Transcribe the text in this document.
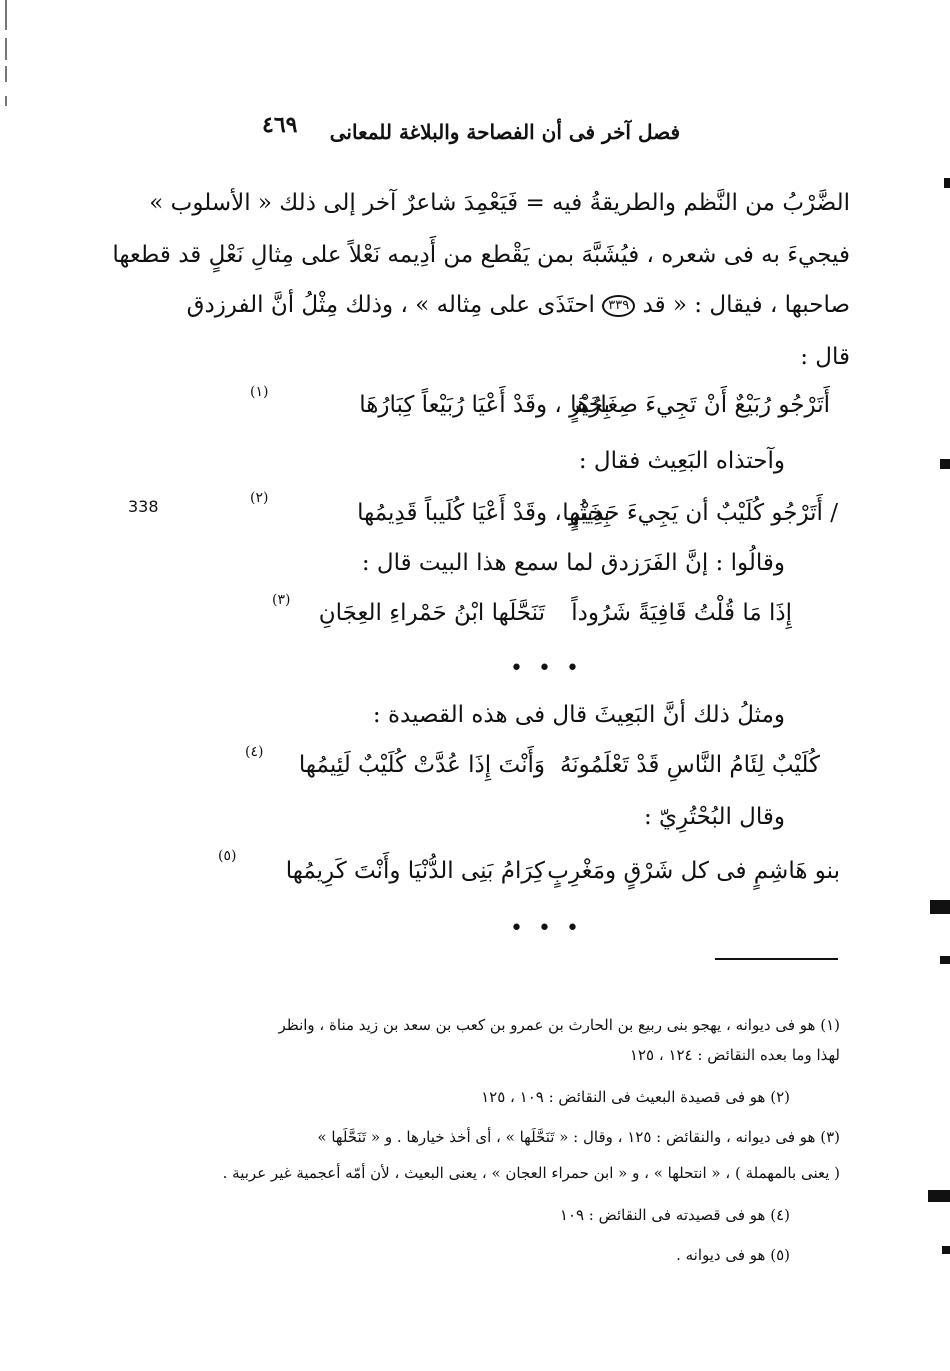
فصل آخر فى أن الفصاحة والبلاغة للمعانى
٤٦٩
338
الضَّرْبُ من النَّظم والطريقةُ فيه = فَيَعْمِدَ شاعرٌ آخر إلى ذلك « الأسلوب »
فيجيءَ به فى شعره ، فيُشَبَّهَ بمن يَقْطع من أَدِيمه نَعْلاً على مِثالِ نَعْلٍ قد قطعها
صاحبها ، فيقال : « قد ٣٣٩ احتَذَى على مِثاله » ، وذلك مِثْلُ أنَّ الفرزدق
قال :
أَتَرْجُو رُبَيْعٌ أَنْ تَجِيءَ صِغَارُهَا
بِخَيْرٍ ، وقَدْ أَعْيَا رُبَيْعاً كِبَارُهَا
(١)
وآحتذاه البَعِيث فقال :
/ أَتَرْجُو كُلَيْبٌ أن يَجِيءَ حَدِيثُها
بِخَيْرٍ ، وقَدْ أَعْيَا كُلَيباً قَدِيمُها
(٢)
وقالُوا : إنَّ الفَرَزدق لما سمع هذا البيت قال :
إِذَا مَا قُلْتُ قَافِيَةً شَرُوداً
تَنَحَّلَها ابْنُ حَمْراءِ العِجَانِ
(٣)
• • •
ومثلُ ذلك أنَّ البَعِيثَ قال فى هذه القصيدة :
كُلَيْبٌ لِئَامُ النَّاسِ قَدْ تَعْلَمُونَهُ
وَأَنْتَ إِذَا عُدَّتْ كُلَيْبٌ لَئِيمُها
(٤)
وقال البُحْتُرِيّ :
بنو هَاشِمٍ فى كل شَرْقٍ ومَغْرِبٍ
كِرَامُ بَنِى الدُّنْيَا وأَنْتَ كَرِيمُها
(٥)
• • •
(١) هو فى ديوانه ، يهجو بنى ربيع بن الحارث بن عمرو بن كعب بن سعد بن زيد مناة ، وانظر
لهذا وما بعده النقائض : ١٢٤ ، ١٢٥
(٢) هو فى قصيدة البعيث فى النقائض : ١٠٩ ، ١٢٥
(٣) هو فى ديوانه ، والنقائض : ١٢٥ ، وقال : « تَنَحَّلَها » ، أى أخذ خيارها . و « تَنَحَّلَها »
( يعنى بالمهملة ) ، « انتحلها » ، و « ابن حمراء العجان » ، يعنى البعيث ، لأن أمّه أعجمية غير عربية .
(٤) هو فى قصيدته فى النقائض : ١٠٩
(٥) هو فى ديوانه .
